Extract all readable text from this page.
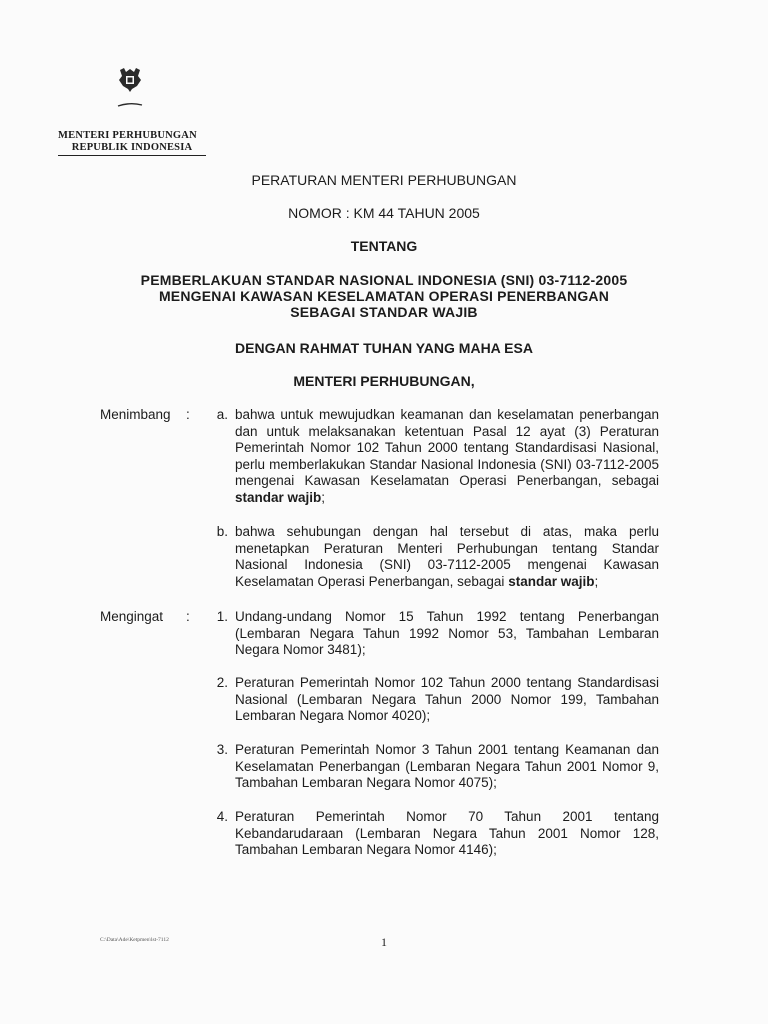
MENTERI PERHUBUNGAN
REPUBLIK INDONESIA
PERATURAN MENTERI PERHUBUNGAN
NOMOR : KM 44 TAHUN 2005
TENTANG
PEMBERLAKUAN STANDAR NASIONAL INDONESIA (SNI) 03-7112-2005
MENGENAI KAWASAN KESELAMATAN OPERASI PENERBANGAN
SEBAGAI STANDAR WAJIB
DENGAN RAHMAT TUHAN YANG MAHA ESA
MENTERI PERHUBUNGAN,
Menimbang :	a. bahwa untuk mewujudkan keamanan dan keselamatan penerbangan dan untuk melaksanakan ketentuan Pasal 12 ayat (3) Peraturan Pemerintah Nomor 102 Tahun 2000 tentang Standardisasi Nasional, perlu memberlakukan Standar Nasional Indonesia (SNI) 03-7112-2005 mengenai Kawasan Keselamatan Operasi Penerbangan, sebagai standar wajib;
b. bahwa sehubungan dengan hal tersebut di atas, maka perlu menetapkan Peraturan Menteri Perhubungan tentang Standar Nasional Indonesia (SNI) 03-7112-2005 mengenai Kawasan Keselamatan Operasi Penerbangan, sebagai standar wajib;
Mengingat :	1. Undang-undang Nomor 15 Tahun 1992 tentang Penerbangan (Lembaran Negara Tahun 1992 Nomor 53, Tambahan Lembaran Negara Nomor 3481);
2. Peraturan Pemerintah Nomor 102 Tahun 2000 tentang Standardisasi Nasional (Lembaran Negara Tahun 2000 Nomor 199, Tambahan Lembaran Negara Nomor 4020);
3. Peraturan Pemerintah Nomor 3 Tahun 2001 tentang Keamanan dan Keselamatan Penerbangan (Lembaran Negara Tahun 2001 Nomor 9, Tambahan Lembaran Negara Nomor 4075);
4. Peraturan Pemerintah Nomor 70 Tahun 2001 tentang Kebandarudaraan (Lembaran Negara Tahun 2001 Nomor 128, Tambahan Lembaran Negara Nomor 4146);
C:\Data\Ade\Ketpmen\lst-7112	1
